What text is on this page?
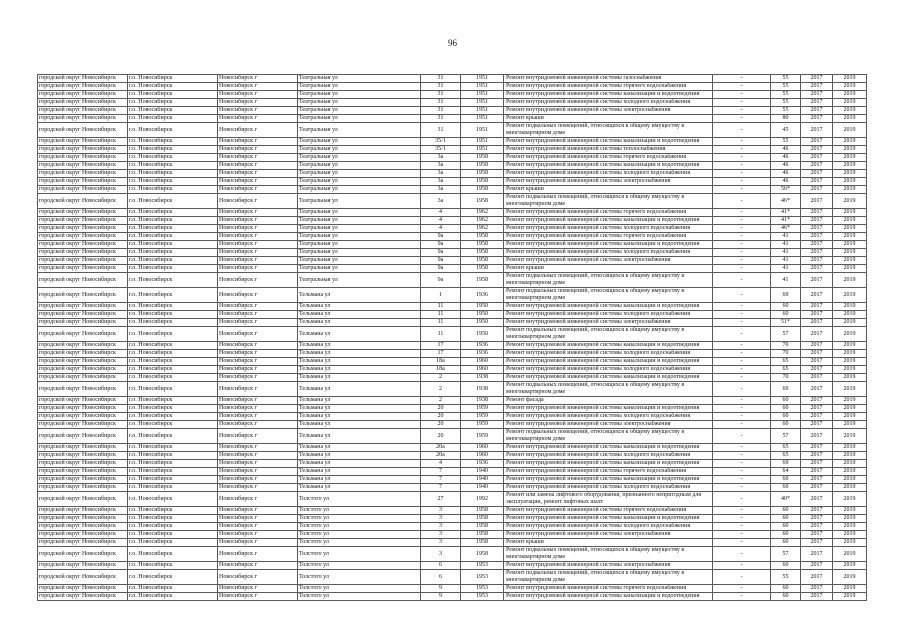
96
городской округ Новосибирск	г.о. Новосибирск	Новосибирск г	Театральная ул	31	1951	Ремонт внутридомовой инженерной системы газоснабжения	-	55	2017	2019
городской округ Новосибирск	г.о. Новосибирск	Новосибирск г	Театральная ул	31	1951	Ремонт внутридомовой инженерной системы горячего водоснабжения	-	55	2017	2019
городской округ Новосибирск	г.о. Новосибирск	Новосибирск г	Театральная ул	31	1951	Ремонт внутридомовой инженерной системы канализации и водоотведения	-	55	2017	2019
городской округ Новосибирск	г.о. Новосибирск	Новосибирск г	Театральная ул	31	1951	Ремонт внутридомовой инженерной системы холодного водоснабжения	-	55	2017	2019
городской округ Новосибирск	г.о. Новосибирск	Новосибирск г	Театральная ул	31	1951	Ремонт внутридомовой инженерной системы электроснабжения	-	55	2017	2019
городской округ Новосибирск	г.о. Новосибирск	Новосибирск г	Театральная ул	31	1951	Ремонт крыши	-	80	2017	2019
городской округ Новосибирск	г.о. Новосибирск	Новосибирск г	Театральная ул	31	1951	Ремонт подвальных помещений, относящихся к общему имуществу в многоквартирном доме	-	45	2017	2019
городской округ Новосибирск	г.о. Новосибирск	Новосибирск г	Театральная ул	35/1	1951	Ремонт внутридомовой инженерной системы канализации и водоотведения	-	55	2017	2019
городской округ Новосибирск	г.о. Новосибирск	Новосибирск г	Театральная ул	35/1	1951	Ремонт внутридомовой инженерной системы теплоснабжения	-	46	2017	2019
городской округ Новосибирск	г.о. Новосибирск	Новосибирск г	Театральная ул	3а	1958	Ремонт внутридомовой инженерной системы горячего водоснабжения	-	46	2017	2019
городской округ Новосибирск	г.о. Новосибирск	Новосибирск г	Театральная ул	3а	1958	Ремонт внутридомовой инженерной системы канализации и водоотведения	-	46	2017	2019
городской округ Новосибирск	г.о. Новосибирск	Новосибирск г	Театральная ул	3а	1958	Ремонт внутридомовой инженерной системы холодного водоснабжения	-	46	2017	2019
городской округ Новосибирск	г.о. Новосибирск	Новосибирск г	Театральная ул	3а	1958	Ремонт внутридомовой инженерной системы электроснабжения	-	46	2017	2019
городской округ Новосибирск	г.о. Новосибирск	Новосибирск г	Театральная ул	3а	1958	Ремонт крыши	-	56*	2017	2019
городской округ Новосибирск	г.о. Новосибирск	Новосибирск г	Театральная ул	3а	1958	Ремонт подвальных помещений, относящихся к общему имуществу в многоквартирном доме	-	46*	2017	2019
городской округ Новосибирск	г.о. Новосибирск	Новосибирск г	Театральная ул	4	1962	Ремонт внутридомовой инженерной системы горячего водоснабжения	-	41*	2017	2019
городской округ Новосибирск	г.о. Новосибирск	Новосибирск г	Театральная ул	4	1962	Ремонт внутридомовой инженерной системы канализации и водоотведения	-	41*	2017	2019
городской округ Новосибирск	г.о. Новосибирск	Новосибирск г	Театральная ул	4	1962	Ремонт внутридомовой инженерной системы холодного водоснабжения	-	46*	2017	2019
городской округ Новосибирск	г.о. Новосибирск	Новосибирск г	Театральная ул	9а	1958	Ремонт внутридомовой инженерной системы горячего водоснабжения	-	41	2017	2019
городской округ Новосибирск	г.о. Новосибирск	Новосибирск г	Театральная ул	9а	1958	Ремонт внутридомовой инженерной системы канализации и водоотведения	-	41	2017	2019
городской округ Новосибирск	г.о. Новосибирск	Новосибирск г	Театральная ул	9а	1958	Ремонт внутридомовой инженерной системы холодного водоснабжения	-	41	2017	2019
городской округ Новосибирск	г.о. Новосибирск	Новосибирск г	Театральная ул	9а	1958	Ремонт внутридомовой инженерной системы электроснабжения	-	41	2017	2019
городской округ Новосибирск	г.о. Новосибирск	Новосибирск г	Театральная ул	9а	1958	Ремонт крыши	-	41	2017	2019
городской округ Новосибирск	г.о. Новосибирск	Новосибирск г	Театральная ул	9а	1958	Ремонт подвальных помещений, относящихся к общему имуществу в многоквартирном доме	-	41	2017	2019
городской округ Новосибирск	г.о. Новосибирск	Новосибирск г	Тельмана ул	1	1936	Ремонт подвальных помещений, относящихся к общему имуществу в многоквартирном доме	-	69	2017	2019
городской округ Новосибирск	г.о. Новосибирск	Новосибирск г	Тельмана ул	11	1950	Ремонт внутридомовой инженерной системы канализации и водоотведения	-	60	2017	2019
городской округ Новосибирск	г.о. Новосибирск	Новосибирск г	Тельмана ул	11	1950	Ремонт внутридомовой инженерной системы холодного водоснабжения	-	60	2017	2019
городской округ Новосибирск	г.о. Новосибирск	Новосибирск г	Тельмана ул	11	1950	Ремонт внутридомовой инженерной системы электроснабжения	-	51*	2017	2019
городской округ Новосибирск	г.о. Новосибирск	Новосибирск г	Тельмана ул	11	1950	Ремонт подвальных помещений, относящихся к общему имуществу в многоквартирном доме	-	57	2017	2019
городской округ Новосибирск	г.о. Новосибирск	Новосибирск г	Тельмана ул	17	1936	Ремонт внутридомовой инженерной системы канализации и водоотведения	-	70	2017	2019
городской округ Новосибирск	г.о. Новосибирск	Новосибирск г	Тельмана ул	17	1936	Ремонт внутридомовой инженерной системы холодного водоснабжения	-	70	2017	2019
городской округ Новосибирск	г.о. Новосибирск	Новосибирск г	Тельмана ул	18а	1960	Ремонт внутридомовой инженерной системы канализации и водоотведения	-	65	2017	2019
городской округ Новосибирск	г.о. Новосибирск	Новосибирск г	Тельмана ул	18а	1960	Ремонт внутридомовой инженерной системы холодного водоснабжения	-	65	2017	2019
городской округ Новосибирск	г.о. Новосибирск	Новосибирск г	Тельмана ул	2	1938	Ремонт внутридомовой инженерной системы канализации и водоотведения	-	70	2017	2019
городской округ Новосибирск	г.о. Новосибирск	Новосибирск г	Тельмана ул	2	1938	Ремонт подвальных помещений, относящихся к общему имуществу в многоквартирном доме	-	69	2017	2019
городской округ Новосибирск	г.о. Новосибирск	Новосибирск г	Тельмана ул	2	1938	Ремонт фасада	-	60	2017	2019
городской округ Новосибирск	г.о. Новосибирск	Новосибирск г	Тельмана ул	20	1959	Ремонт внутридомовой инженерной системы канализации и водоотведения	-	60	2017	2019
городской округ Новосибирск	г.о. Новосибирск	Новосибирск г	Тельмана ул	20	1959	Ремонт внутридомовой инженерной системы холодного водоснабжения	-	60	2017	2019
городской округ Новосибирск	г.о. Новосибирск	Новосибирск г	Тельмана ул	20	1959	Ремонт внутридомовой инженерной системы электроснабжения	-	60	2017	2019
городской округ Новосибирск	г.о. Новосибирск	Новосибирск г	Тельмана ул	20	1959	Ремонт подвальных помещений, относящихся к общему имуществу в многоквартирном доме	-	57	2017	2019
городской округ Новосибирск	г.о. Новосибирск	Новосибирск г	Тельмана ул	20а	1960	Ремонт внутридомовой инженерной системы канализации и водоотведения	-	65	2017	2019
городской округ Новосибирск	г.о. Новосибирск	Новосибирск г	Тельмана ул	20а	1960	Ремонт внутридомовой инженерной системы холодного водоснабжения	-	65	2017	2019
городской округ Новосибирск	г.о. Новосибирск	Новосибирск г	Тельмана ул	4	1936	Ремонт внутридомовой инженерной системы канализации и водоотведения	-	69	2017	2019
городской округ Новосибирск	г.о. Новосибирск	Новосибирск г	Тельмана ул	7	1940	Ремонт внутридомовой инженерной системы горячего водоснабжения	-	64	2017	2019
городской округ Новосибирск	г.о. Новосибирск	Новосибирск г	Тельмана ул	7	1940	Ремонт внутридомовой инженерной системы канализации и водоотведения	-	60	2017	2019
городской округ Новосибирск	г.о. Новосибирск	Новосибирск г	Тельмана ул	7	1940	Ремонт внутридомовой инженерной системы холодного водоснабжения	-	60	2017	2019
городской округ Новосибирск	г.о. Новосибирск	Новосибирск г	Толстого ул	27	1992	Ремонт или замена лифтового оборудования, признанного непригодным для эксплуатации, ремонт лифтовых шахт	-	40*	2017	2019
городской округ Новосибирск	г.о. Новосибирск	Новосибирск г	Толстого ул	3	1958	Ремонт внутридомовой инженерной системы горячего водоснабжения	-	60	2017	2019
городской округ Новосибирск	г.о. Новосибирск	Новосибирск г	Толстого ул	3	1958	Ремонт внутридомовой инженерной системы канализации и водоотведения	-	60	2017	2019
городской округ Новосибирск	г.о. Новосибирск	Новосибирск г	Толстого ул	3	1958	Ремонт внутридомовой инженерной системы холодного водоснабжения	-	60	2017	2019
городской округ Новосибирск	г.о. Новосибирск	Новосибирск г	Толстого ул	3	1958	Ремонт внутридомовой инженерной системы электроснабжения	-	60	2017	2019
городской округ Новосибирск	г.о. Новосибирск	Новосибирск г	Толстого ул	3	1958	Ремонт крыши	-	60	2017	2019
городской округ Новосибирск	г.о. Новосибирск	Новосибирск г	Толстого ул	3	1958	Ремонт подвальных помещений, относящихся к общему имуществу в многоквартирном доме	-	57	2017	2019
городской округ Новосибирск	г.о. Новосибирск	Новосибирск г	Толстого ул	6	1953	Ремонт внутридомовой инженерной системы электроснабжения	-	60	2017	2019
городской округ Новосибирск	г.о. Новосибирск	Новосибирск г	Толстого ул	6	1953	Ремонт подвальных помещений, относящихся к общему имуществу в многоквартирном доме	-	55	2017	2019
городской округ Новосибирск	г.о. Новосибирск	Новосибирск г	Толстого ул	9	1953	Ремонт внутридомовой инженерной системы горячего водоснабжения	-	60	2017	2019
городской округ Новосибирск	г.о. Новосибирск	Новосибирск г	Толстого ул	9	1953	Ремонт внутридомовой инженерной системы канализации и водоотведения	-	60	2017	2019
